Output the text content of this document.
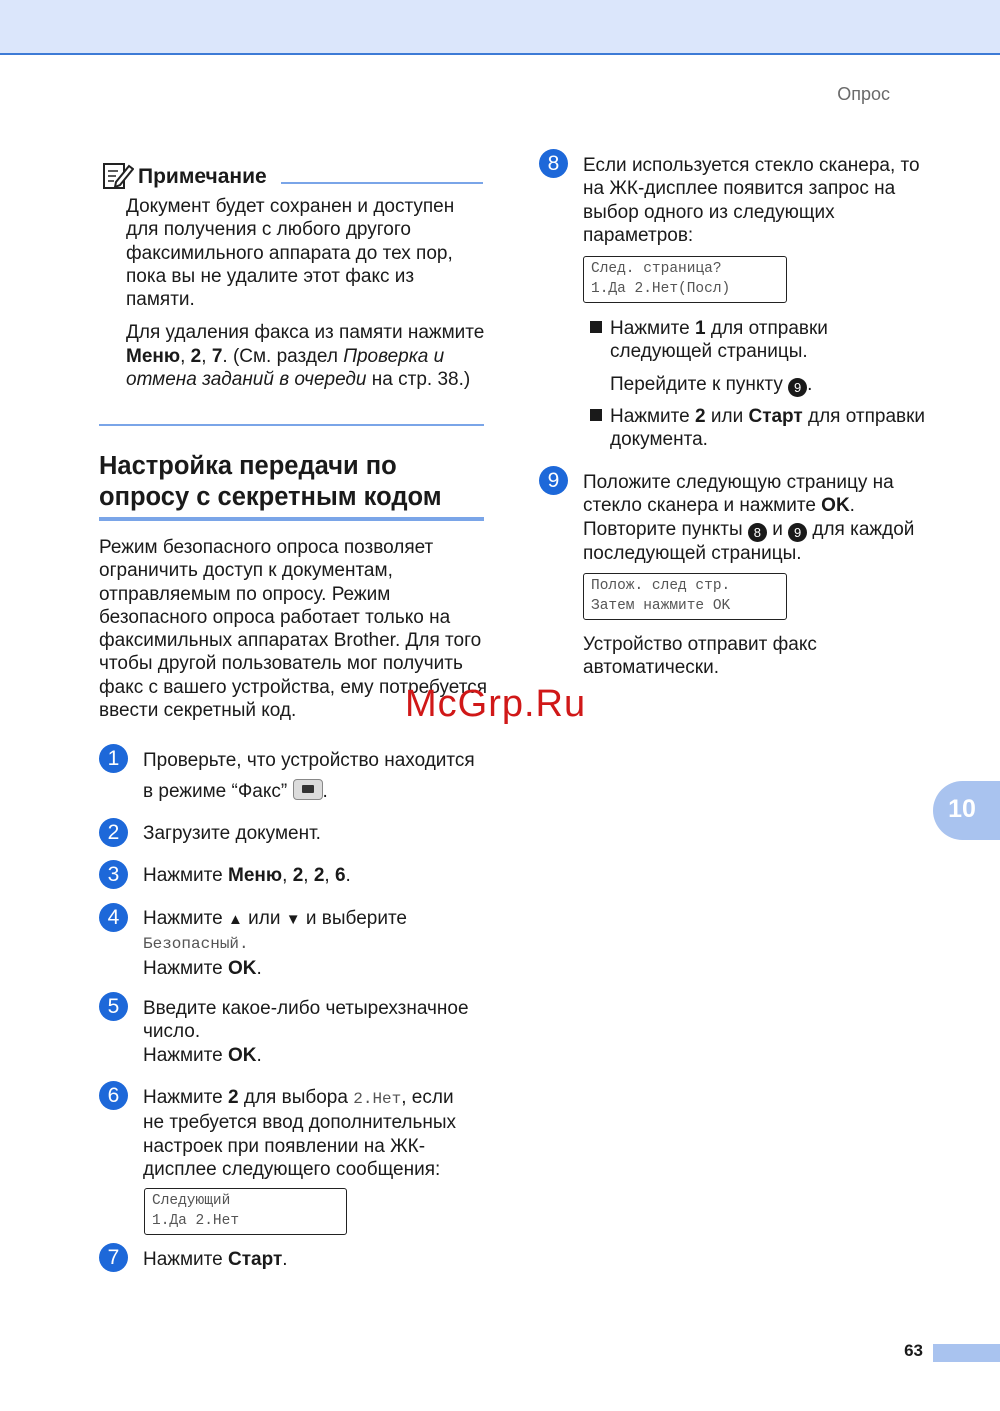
Опрос
Примечание

Документ будет сохранен и доступен для получения с любого другого факсимильного аппарата до тех пор, пока вы не удалите этот факс из памяти.

Для удаления факса из памяти нажмите Меню, 2, 7. (См. раздел Проверка и отмена заданий в очереди на стр. 38.)

Настройка передачи по опросу с секретным кодом

Режим безопасного опроса позволяет ограничить доступ к документам, отправляемым по опросу. Режим безопасного опроса работает только на факсимильных аппаратах Brother. Для того чтобы другой пользователь мог получить факс с вашего устройства, ему потребуется ввести секретный код.

1	Проверьте, что устройство находится

в режиме “Факс” .

2	Загрузите документ.

3	Нажмите Меню, 2, 2, 6.

4	Нажмите ▲ или ▼ и выберите

Безопасный.

Нажмите OK.

5	Введите какое-либо четырехзначное число.

Нажмите OK.

6	Нажмите 2 для выбора 2.Нет, если не требуется ввод дополнительных настроек при появлении на ЖК-дисплее следующего сообщения:

Следующий
1.Да 2.Нет
7	Нажмите Старт.

8	Если используется стекло сканера, то на ЖК-дисплее появится запрос на выбор одного из следующих параметров:

След. страница?
1.Да 2.Нет(Посл)

Нажмите 1 для отправки следующей страницы.

Перейдите к пункту 9 .

Нажмите 2 или Старт для отправки документа.

9	Положите следующую страницу на стекло сканера и нажмите OK.

Повторите пункты 8 и 9 для каждой последующей страницы.

Полож. след стр.
Затем нажмите OK

Устройство отправит факс автоматически.

10
63
McGrp.Ru
